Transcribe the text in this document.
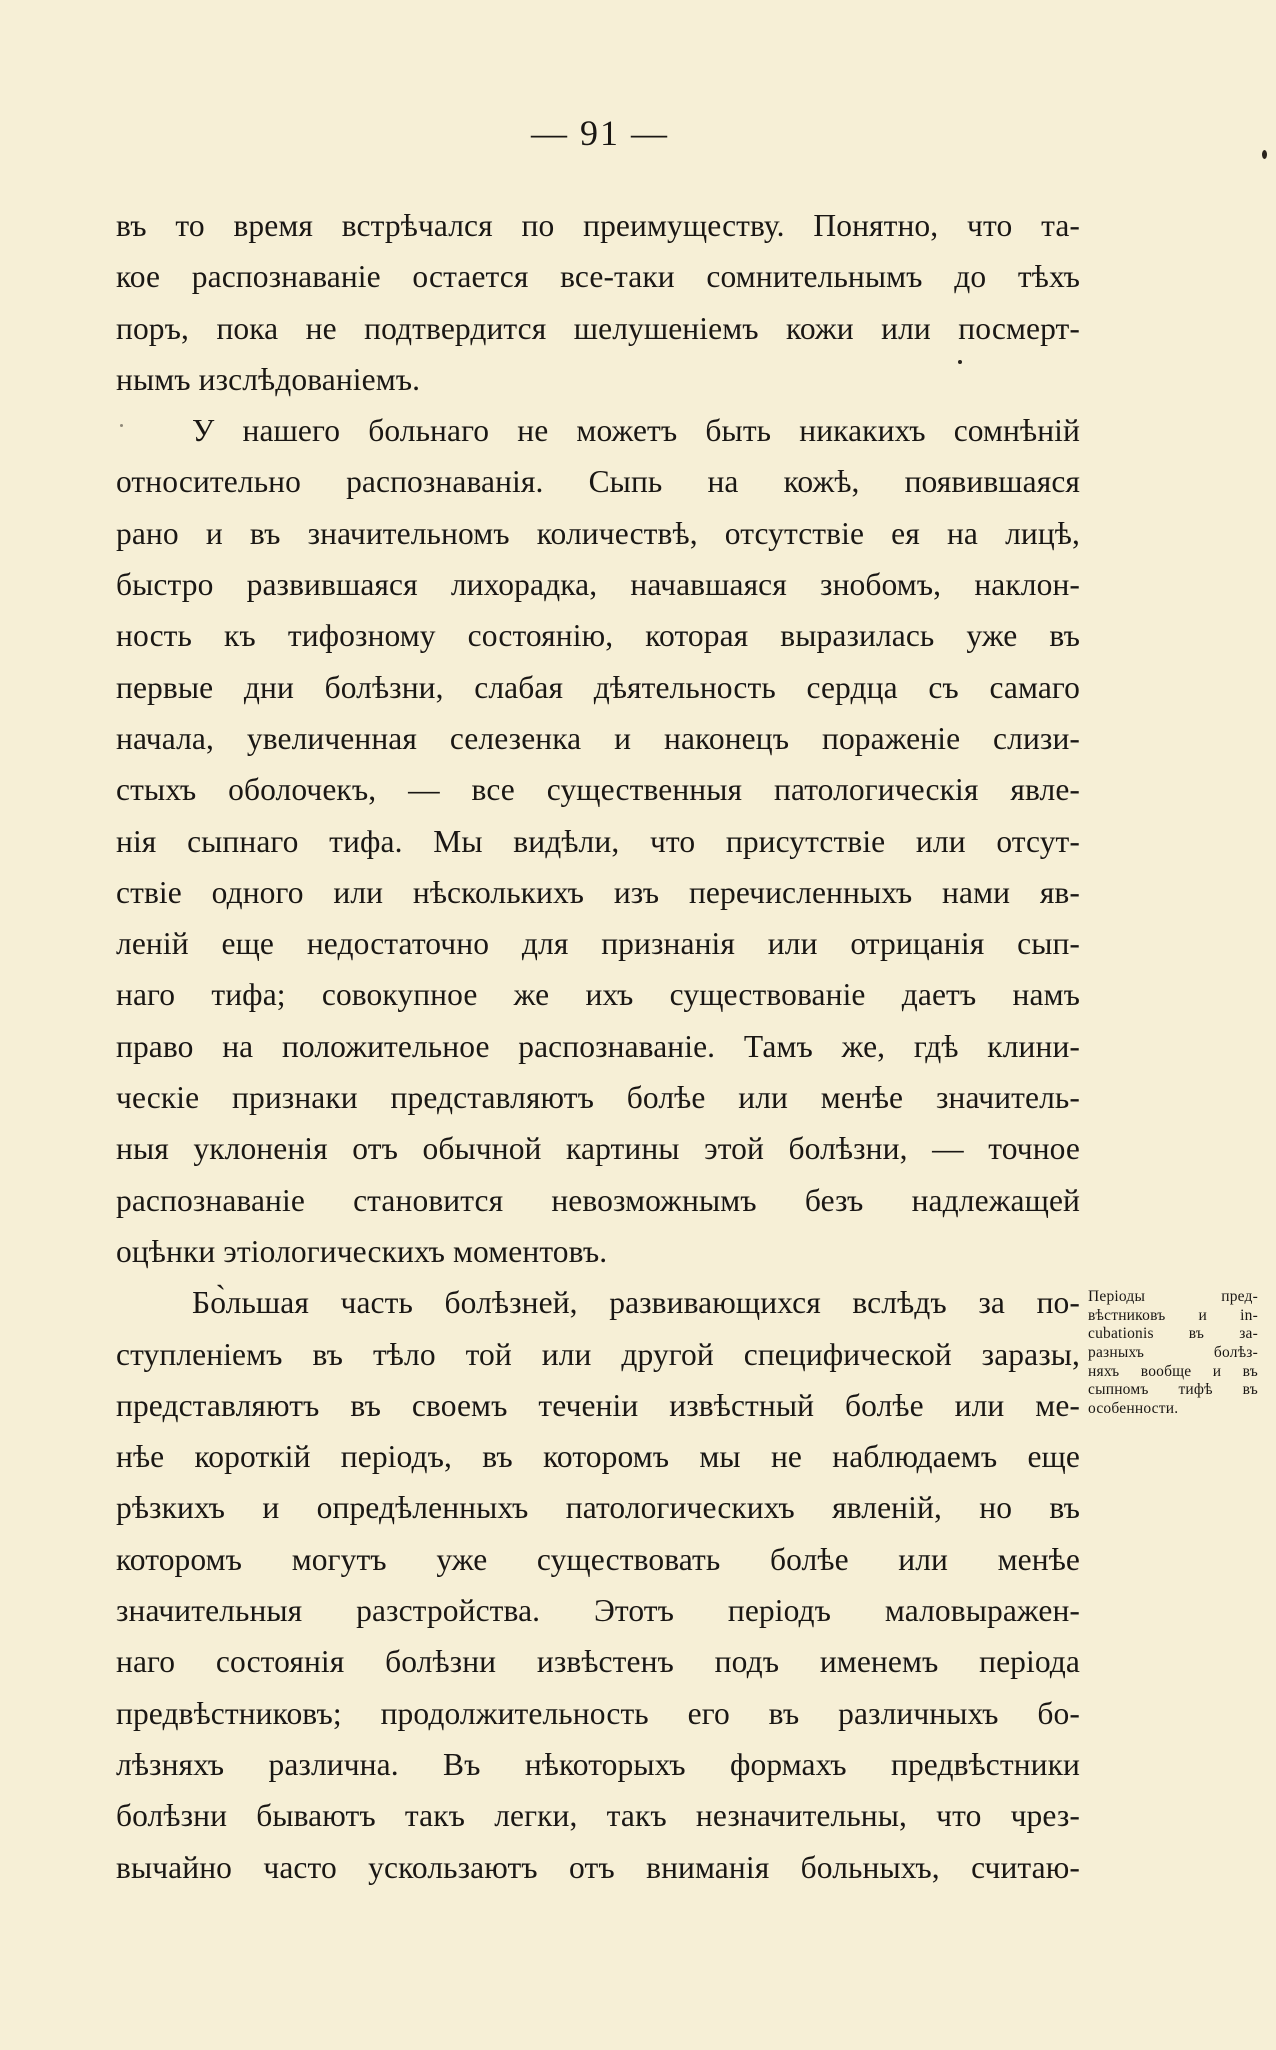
— 91 —
въ то время встрѣчался по преимуществу. Понятно, что та-
кое распознаваніе остается все-таки сомнительнымъ до тѣхъ
поръ, пока не подтвердится шелушеніемъ кожи или посмерт-
нымъ изслѣдованіемъ.
У нашего больнаго не можетъ быть никакихъ сомнѣній
относительно распознаванія. Сыпь на кожѣ, появившаяся
рано и въ значительномъ количествѣ, отсутствіе ея на лицѣ,
быстро развившаяся лихорадка, начавшаяся знобомъ, наклон-
ность къ тифозному состоянію, которая выразилась уже въ
первые дни болѣзни, слабая дѣятельность сердца съ самаго
начала, увеличенная селезенка и наконецъ пораженіе слизи-
стыхъ оболочекъ, — все существенныя патологическія явле-
нія сыпнаго тифа. Мы видѣли, что присутствіе или отсут-
ствіе одного или нѣсколькихъ изъ перечисленныхъ нами яв-
леній еще недостаточно для признанія или отрицанія сып-
наго тифа; совокупное же ихъ существованіе даетъ намъ
право на положительное распознаваніе. Тамъ же, гдѣ клини-
ческіе признаки представляютъ болѣе или менѣе значитель-
ныя уклоненія отъ обычной картины этой болѣзни, — точное
распознаваніе становится невозможнымъ безъ надлежащей
оцѣнки этіологическихъ моментовъ.
Бо̀льшая часть болѣзней, развивающихся вслѣдъ за по-
ступленіемъ въ тѣло той или другой специфической заразы,
представляютъ въ своемъ теченіи извѣстный болѣе или ме-
нѣе короткій періодъ, въ которомъ мы не наблюдаемъ еще
рѣзкихъ и опредѣленныхъ патологическихъ явленій, но въ
которомъ могутъ уже существовать болѣе или менѣе
значительныя разстройства. Этотъ періодъ маловыражен-
наго состоянія болѣзни извѣстенъ подъ именемъ періода
предвѣстниковъ; продолжительность его въ различныхъ бо-
лѣзняхъ различна. Въ нѣкоторыхъ формахъ предвѣстники
болѣзни бываютъ такъ легки, такъ незначительны, что чрез-
вычайно часто ускользаютъ отъ вниманія больныхъ, считаю-
Періоды пред-
вѣстниковъ и in-
cubationis въ за-
разныхъ болѣз-
няхъ вообще и въ
сыпномъ тифѣ въ
особенности.
